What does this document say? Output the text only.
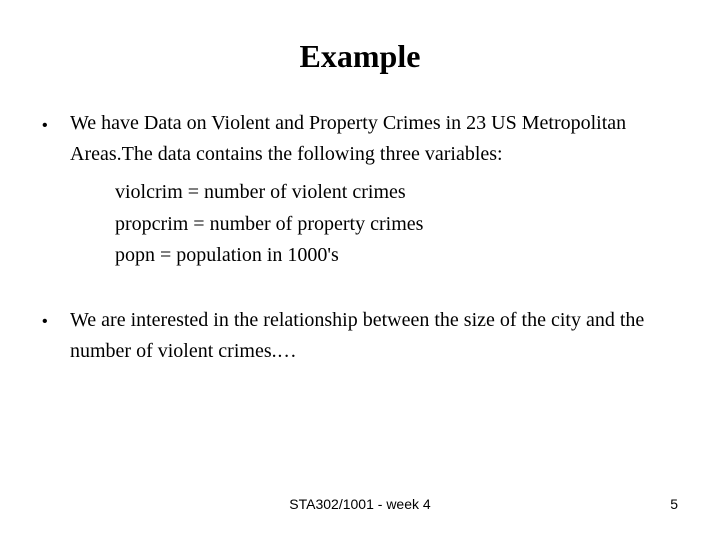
Example
• We have Data on Violent and Property Crimes in 23 US Metropolitan Areas.The data contains the following three variables:
violcrim = number of violent crimes
propcrim = number of property crimes
popn = population in 1000's
• We are interested in the relationship between the size of the city and the number of violent crimes.…
STA302/1001 - week 4	5
